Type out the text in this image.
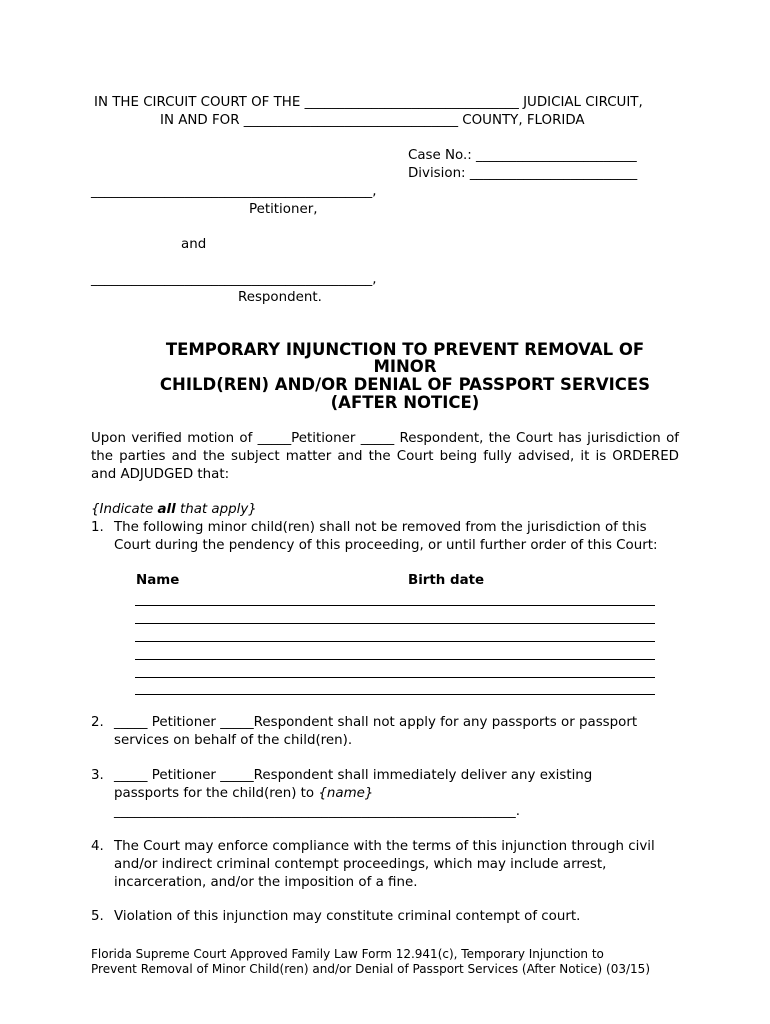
IN THE CIRCUIT COURT OF THE ________________________________ JUDICIAL CIRCUIT,
IN AND FOR ________________________________ COUNTY, FLORIDA
Case No.: ________________________
Division: _________________________
__________________________________________,
Petitioner,
and
__________________________________________,
Respondent.
TEMPORARY INJUNCTION TO PREVENT REMOVAL OF
MINOR
CHILD(REN) AND/OR DENIAL OF PASSPORT SERVICES
(AFTER NOTICE)
Upon verified motion of _____Petitioner _____ Respondent, the Court has jurisdiction of the parties and the subject matter and the Court being fully advised, it is ORDERED and ADJUDGED that:
{Indicate all that apply}
1. The following minor child(ren) shall not be removed from the jurisdiction of this
Court during the pendency of this proceeding, or until further order of this Court:
Name	Birth date
2. _____ Petitioner _____Respondent shall not apply for any passports or passport
services on behalf of the child(ren).
3. _____ Petitioner _____Respondent shall immediately deliver any existing
passports for the child(ren) to {name}
____________________________________________________________.
4. The Court may enforce compliance with the terms of this injunction through civil
and/or indirect criminal contempt proceedings, which may include arrest,
incarceration, and/or the imposition of a fine.
5. Violation of this injunction may constitute criminal contempt of court.
Florida Supreme Court Approved Family Law Form 12.941(c), Temporary Injunction to
Prevent Removal of Minor Child(ren) and/or Denial of Passport Services (After Notice) (03/15)
